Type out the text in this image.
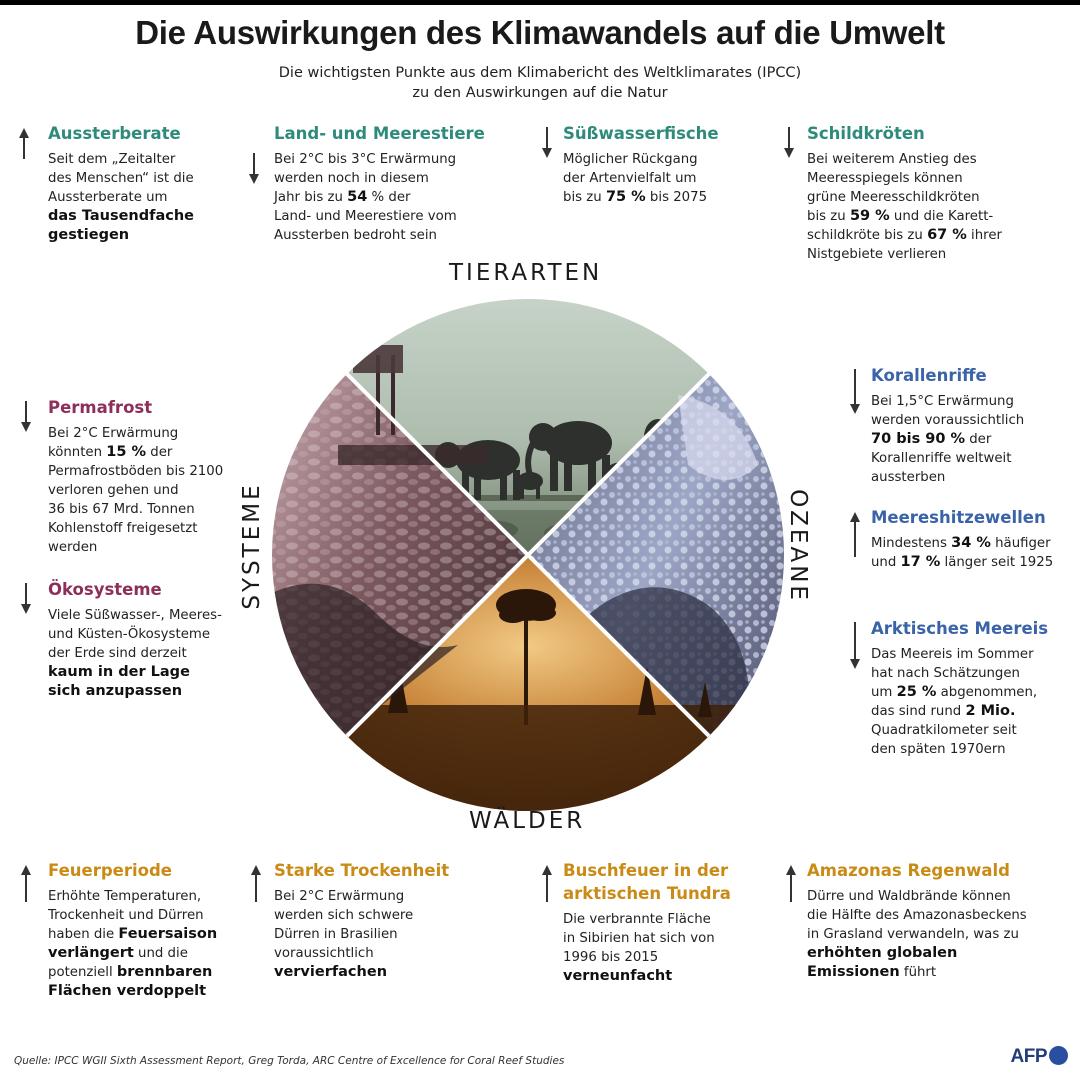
Die Auswirkungen des Klimawandels auf die Umwelt
Die wichtigsten Punkte aus dem Klimabericht des Weltklimarates (IPCC)
zu den Auswirkungen auf die Natur
TIERARTEN
WÄLDER
OZEANE
SYSTEME
Aussterberate
Seit dem „Zeitalter
des Menschen“ ist die
Aussterberate um
das Tausendfache
gestiegen
Land- und Meerestiere
Bei 2°C bis 3°C Erwärmung
werden noch in diesem
Jahr bis zu 54 % der
Land- und Meerestiere vom
Aussterben bedroht sein
Süßwasserfische
Möglicher Rückgang
der Artenvielfalt um
bis zu 75 % bis 2075
Schildkröten
Bei weiterem Anstieg des
Meeresspiegels können
grüne Meeresschildkröten
bis zu 59 % und die Karett-
schildkröte bis zu 67 % ihrer
Nistgebiete verlieren
Permafrost
Bei 2°C Erwärmung
könnten 15 % der
Permafrostböden bis 2100
verloren gehen und
36 bis 67 Mrd. Tonnen
Kohlenstoff freigesetzt
werden
Ökosysteme
Viele Süßwasser-, Meeres-
und Küsten-Ökosysteme
der Erde sind derzeit
kaum in der Lage
sich anzupassen
Korallenriffe
Bei 1,5°C Erwärmung
werden voraussichtlich
70 bis 90 % der
Korallenriffe weltweit
aussterben
Meereshitzewellen
Mindestens 34 % häufiger
und 17 % länger seit 1925
Arktisches Meereis
Das Meereis im Sommer
hat nach Schätzungen
um 25 % abgenommen,
das sind rund 2 Mio.
Quadratkilometer seit
den späten 1970ern
Feuerperiode
Erhöhte Temperaturen,
Trockenheit und Dürren
haben die Feuersaison
verlängert und die
potenziell brennbaren
Flächen verdoppelt
Starke Trockenheit
Bei 2°C Erwärmung
werden sich schwere
Dürren in Brasilien
voraussichtlich
vervierfachen
Buschfeuer in der
arktischen Tundra
Die verbrannte Fläche
in Sibirien hat sich von
1996 bis 2015
verneunfacht
Amazonas Regenwald
Dürre und Waldbrände können
die Hälfte des Amazonasbeckens
in Grasland verwandeln, was zu
erhöhten globalen
Emissionen führt
Quelle: IPCC WGII Sixth Assessment Report, Greg Torda, ARC Centre of Excellence for Coral Reef Studies	AFP
